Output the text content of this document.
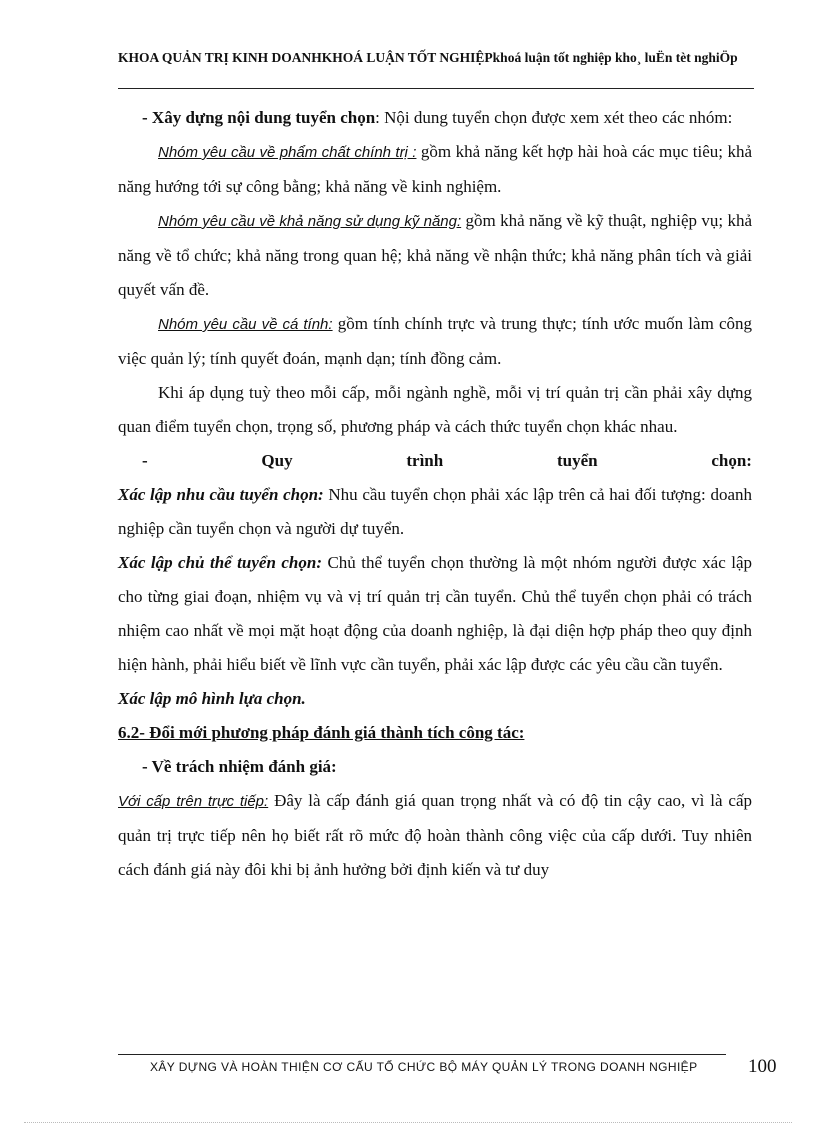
KHOA QUẢN TRỊ KINH DOANHKHOÁ LUẬN TỐT NGHIỆPkhoá luận tốt nghiệp kho¸ luËn tèt nghiÖp

- Xây dựng nội dung tuyển chọn: Nội dung tuyển chọn được xem xét theo các nhóm:

Nhóm yêu cầu về phẩm chất chính trị : gồm khả năng kết hợp hài hoà các mục tiêu; khả năng hướng tới sự công bằng; khả năng về kinh nghiệm.

Nhóm yêu cầu về khả năng sử dụng kỹ năng: gồm khả năng về kỹ thuật, nghiệp vụ; khả năng về tổ chức; khả năng trong quan hệ; khả năng về nhận thức; khả năng phân tích và giải quyết vấn đề.

Nhóm yêu cầu về cá tính: gồm tính chính trực và trung thực; tính ước muốn làm công việc quản lý; tính quyết đoán, mạnh dạn; tính đồng cảm.

Khi áp dụng tuỳ theo mỗi cấp, mỗi ngành nghề, mỗi vị trí quản trị cần phải xây dựng quan điểm tuyển chọn, trọng số, phương pháp và cách thức tuyển chọn khác nhau.

-	Quy	trình	tuyển	chọn:

Xác lập nhu cầu tuyển chọn: Nhu cầu tuyển chọn phải xác lập trên cả hai đối tượng: doanh nghiệp cần tuyển chọn và người dự tuyển.

Xác lập chủ thể tuyển chọn: Chủ thể tuyển chọn thường là một nhóm người được xác lập cho từng giai đoạn, nhiệm vụ và vị trí quản trị cần tuyển. Chủ thể tuyển chọn phải có trách nhiệm cao nhất về mọi mặt hoạt động của doanh nghiệp, là đại diện hợp pháp theo quy định hiện hành, phải hiểu biết về lĩnh vực cần tuyển, phải xác lập được các yêu cầu cần tuyển.

Xác lập mô hình lựa chọn.

6.2- Đổi mới phương pháp đánh giá thành tích công tác:

- Về trách nhiệm đánh giá:

Với cấp trên trực tiếp: Đây là cấp đánh giá quan trọng nhất và có độ tin cậy cao, vì là cấp quản trị trực tiếp nên họ biết rất rõ mức độ hoàn thành công việc của cấp dưới. Tuy nhiên cách đánh giá này đôi khi bị ảnh hưởng bởi định kiến và tư duy

XÂY DỰNG VÀ HOÀN THIỆN CƠ CẤU TỔ CHỨC BỘ MÁY QUẢN LÝ TRONG DOANH NGHIỆP	100
